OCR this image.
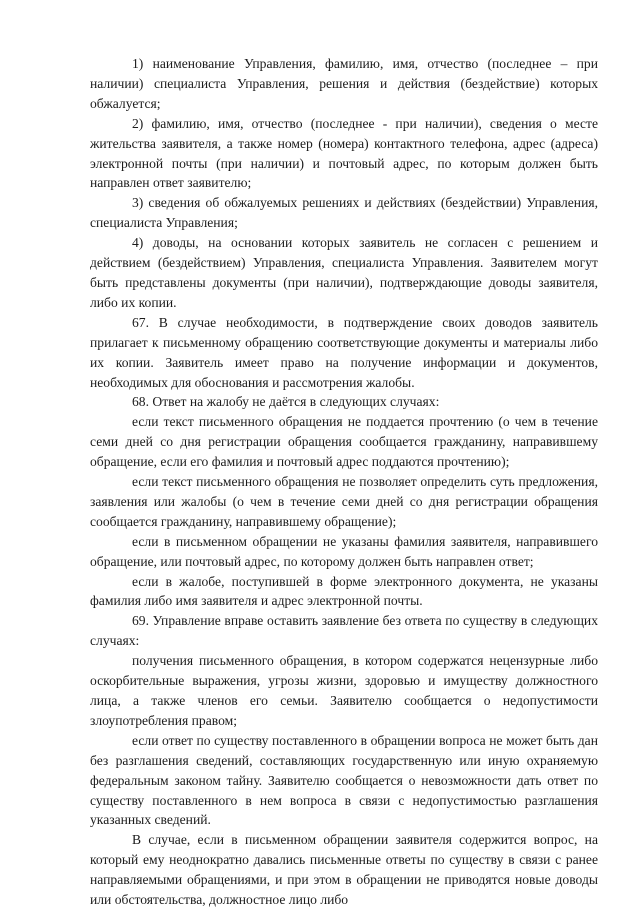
1) наименование Управления, фамилию, имя, отчество (последнее – при наличии) специалиста Управления, решения и действия (бездействие) которых обжалуется;

2) фамилию, имя, отчество (последнее - при наличии), сведения о месте жительства заявителя, а также номер (номера) контактного телефона, адрес (адреса) электронной почты (при наличии) и почтовый адрес, по которым должен быть направлен ответ заявителю;

3) сведения об обжалуемых решениях и действиях (бездействии) Управления, специалиста Управления;

4) доводы, на основании которых заявитель не согласен с решением и действием (бездействием) Управления, специалиста Управления. Заявителем могут быть представлены документы (при наличии), подтверждающие доводы заявителя, либо их копии.

67. В случае необходимости, в подтверждение своих доводов заявитель прилагает к письменному обращению соответствующие документы и материалы либо их копии. Заявитель имеет право на получение информации и документов, необходимых для обоснования и рассмотрения жалобы.

68. Ответ на жалобу не даётся в следующих случаях:

если текст письменного обращения не поддается прочтению (о чем в течение семи дней со дня регистрации обращения сообщается гражданину, направившему обращение, если его фамилия и почтовый адрес поддаются прочтению);

если текст письменного обращения не позволяет определить суть предложения, заявления или жалобы (о чем в течение семи дней со дня регистрации обращения сообщается гражданину, направившему обращение);

если в письменном обращении не указаны фамилия заявителя, направившего обращение, или почтовый адрес, по которому должен быть направлен ответ;

если в жалобе, поступившей в форме электронного документа, не указаны фамилия либо имя заявителя и адрес электронной почты.

69. Управление вправе оставить заявление без ответа по существу в следующих случаях:

получения письменного обращения, в котором содержатся нецензурные либо оскорбительные выражения, угрозы жизни, здоровью и имуществу должностного лица, а также членов его семьи. Заявителю сообщается о недопустимости злоупотребления правом;

если ответ по существу поставленного в обращении вопроса не может быть дан без разглашения сведений, составляющих государственную или иную охраняемую федеральным законом тайну. Заявителю сообщается о невозможности дать ответ по существу поставленного в нем вопроса в связи с недопустимостью разглашения указанных сведений.

В случае, если в письменном обращении заявителя содержится вопрос, на который ему неоднократно давались письменные ответы по существу в связи с ранее направляемыми обращениями, и при этом в обращении не приводятся новые доводы или обстоятельства, должностное лицо либо
